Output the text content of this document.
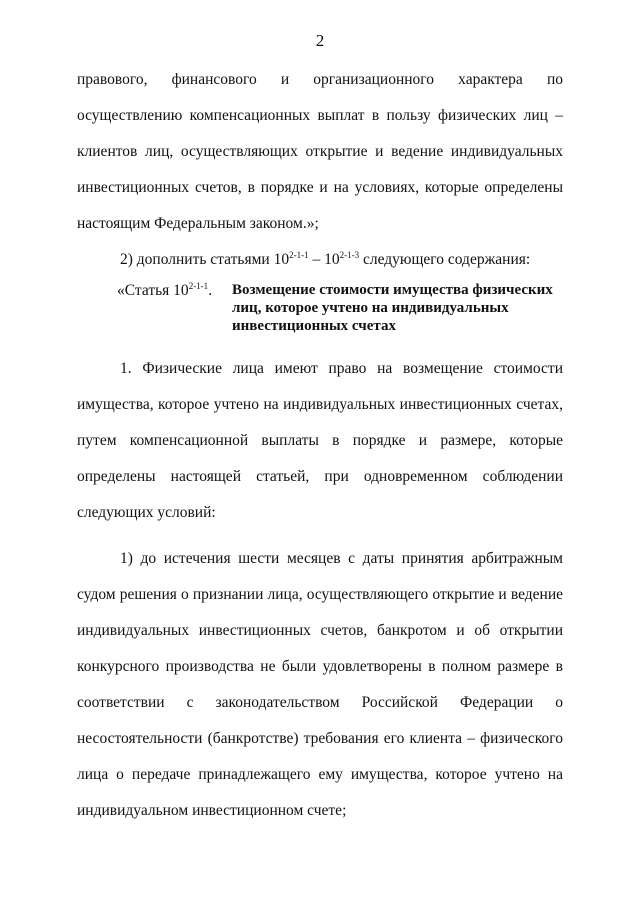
2

правового, финансового и организационного характера по осуществлению компенсационных выплат в пользу физических лиц – клиентов лиц, осуществляющих открытие и ведение индивидуальных инвестиционных счетов, в порядке и на условиях, которые определены настоящим Федеральным законом.»;

2) дополнить статьями 10$^{2-1-1}$ – 10$^{2-1-3}$ следующего содержания:

«Статья 10$^{2-1-1}$.	Возмещение стоимости имущества физических лиц, которое учтено на индивидуальных инвестиционных счетах

1. Физические лица имеют право на возмещение стоимости имущества, которое учтено на индивидуальных инвестиционных счетах, путем компенсационной выплаты в порядке и размере, которые определены настоящей статьей, при одновременном соблюдении следующих условий:

1) до истечения шести месяцев с даты принятия арбитражным судом решения о признании лица, осуществляющего открытие и ведение индивидуальных инвестиционных счетов, банкротом и об открытии конкурсного производства не были удовлетворены в полном размере в соответствии с законодательством Российской Федерации о несостоятельности (банкротстве) требования его клиента – физического лица о передаче принадлежащего ему имущества, которое учтено на индивидуальном инвестиционном счете;
